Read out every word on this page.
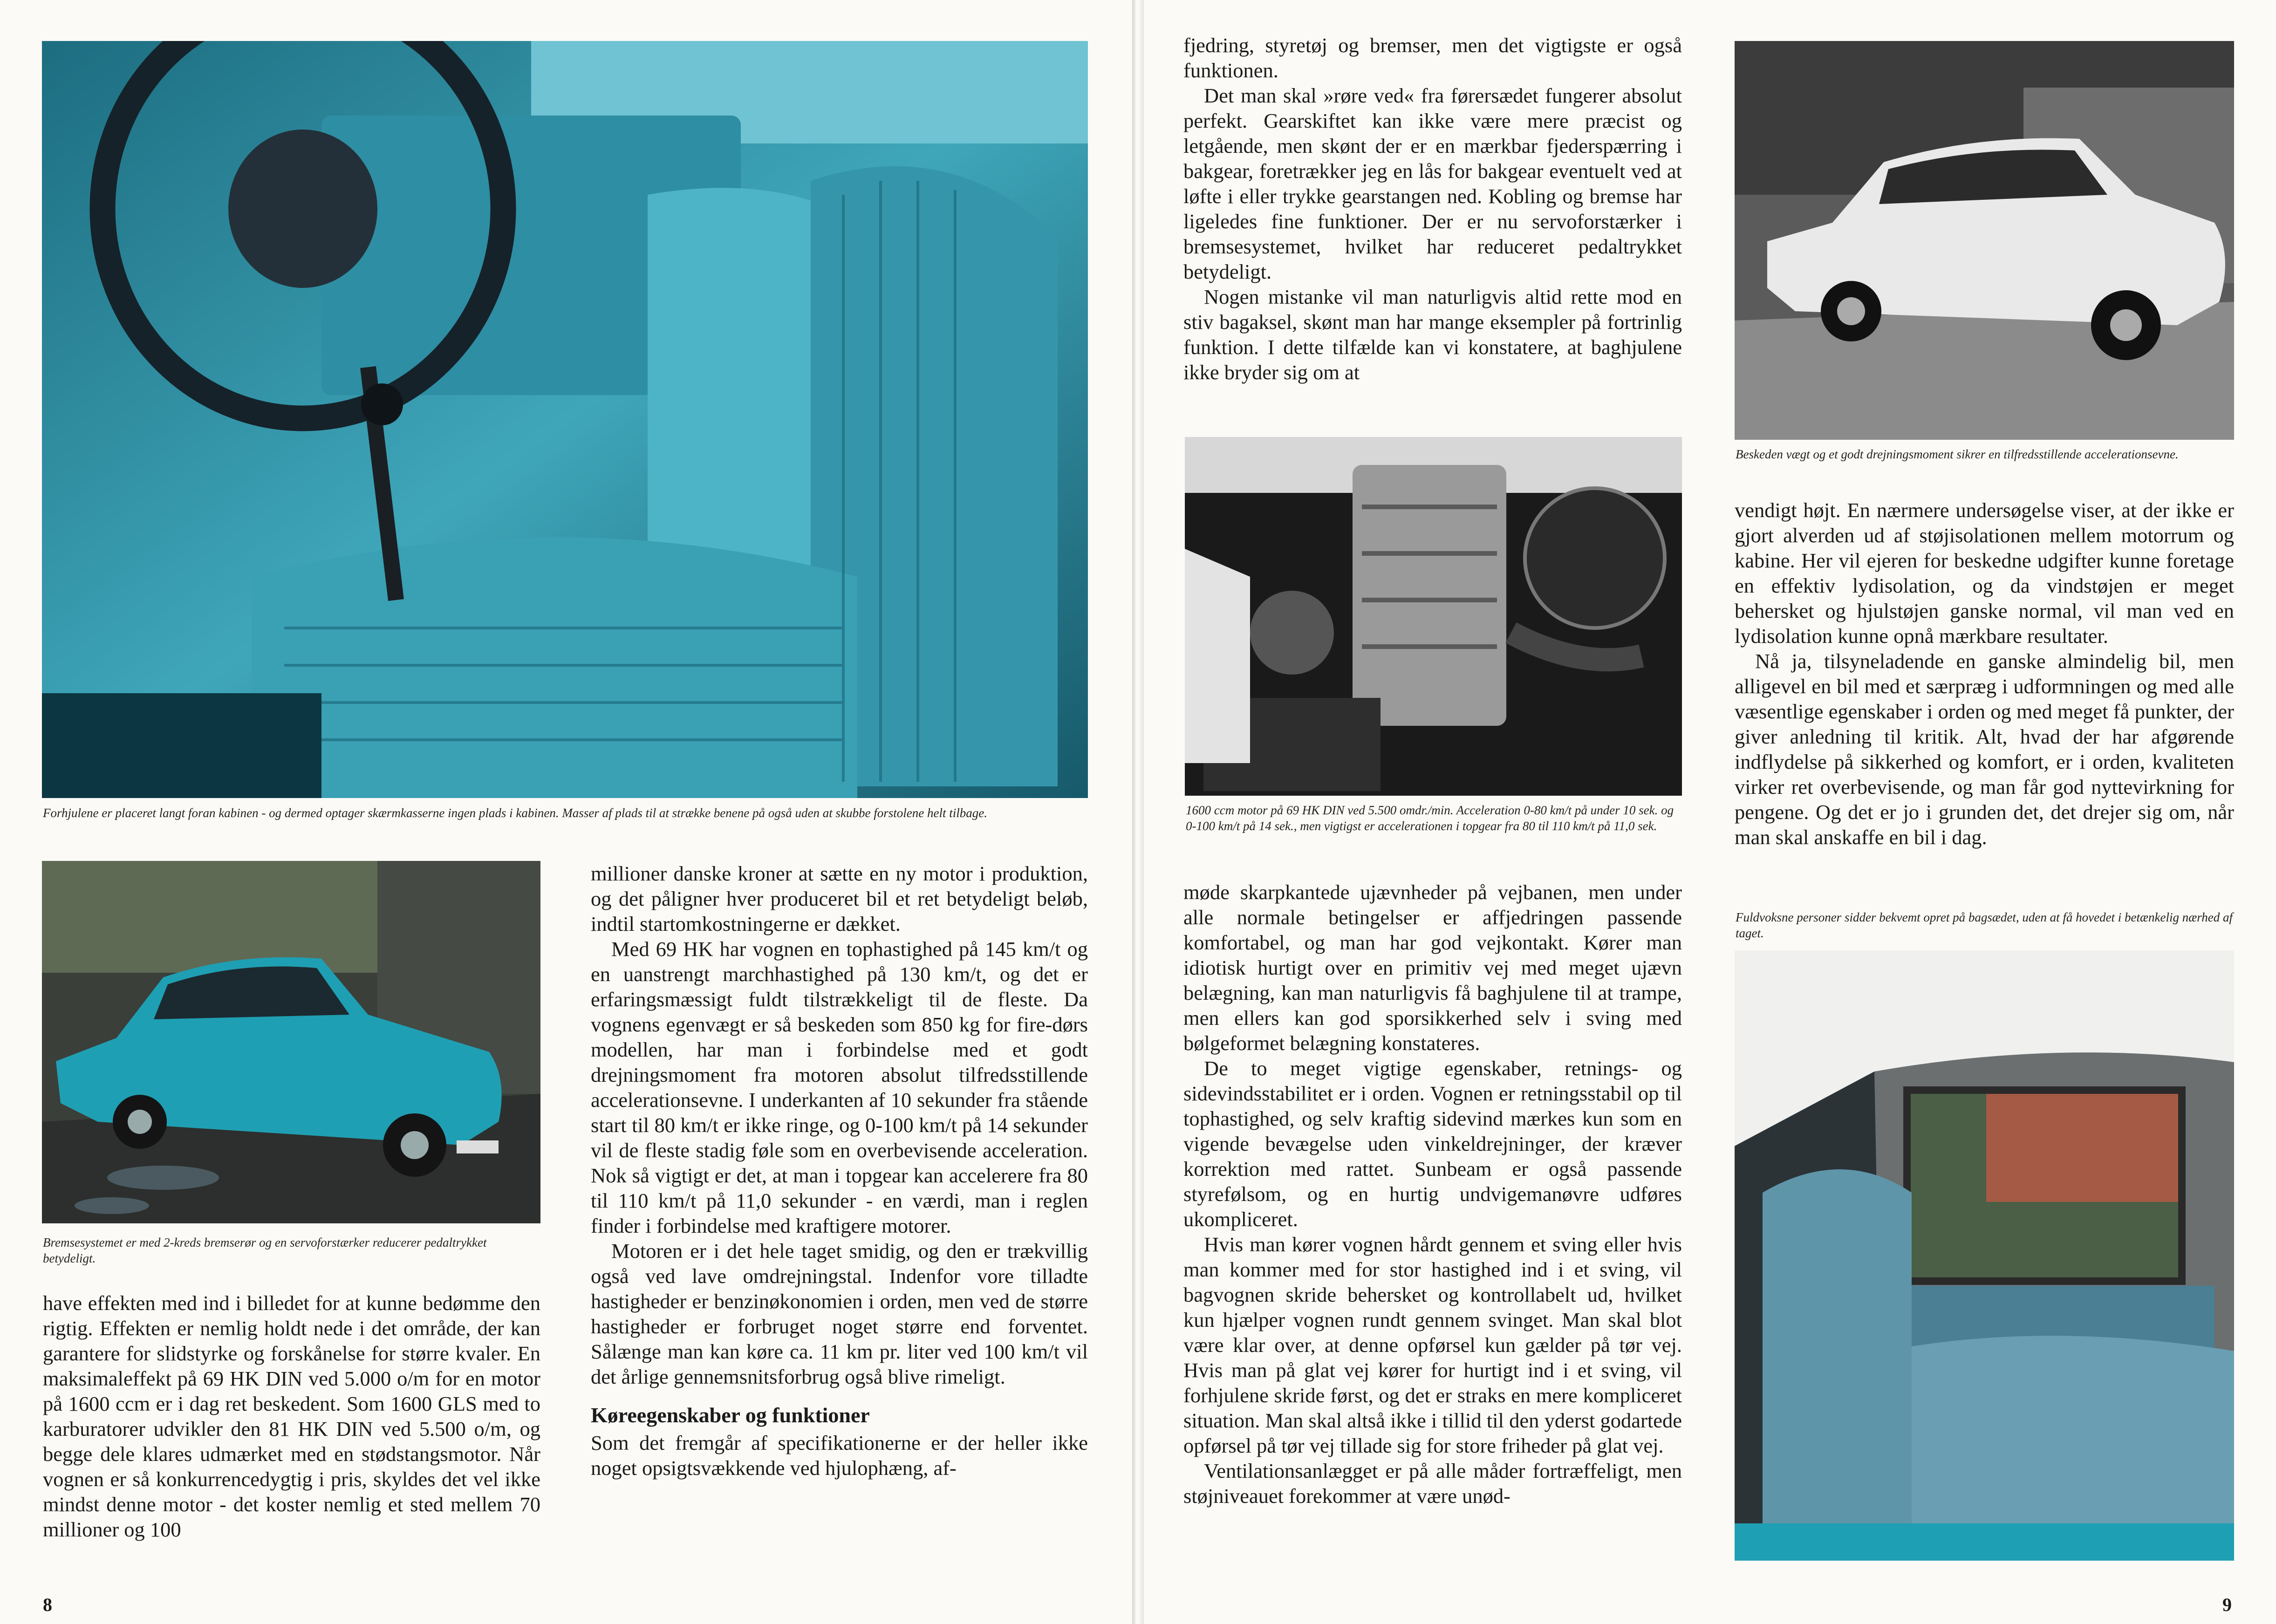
Forhjulene er placeret langt foran kabinen - og dermed optager skærmkasserne ingen plads i kabinen. Masser af plads til at strække benene på også uden at skubbe forstolene helt tilbage.
Bremsesystemet er med 2-kreds bremserør og en servoforstærker reducerer pedaltrykket betydeligt.

have effekten med ind i billedet for at kunne bedømme den rigtig. Effekten er nemlig holdt nede i det område, der kan garantere for slidstyrke og forskånelse for større kvaler. En maksimaleffekt på 69 HK DIN ved 5.000 o/m for en motor på 1600 ccm er i dag ret beskedent. Som 1600 GLS med to karburatorer udvikler den 81 HK DIN ved 5.500 o/m, og begge dele klares udmærket med en stødstangsmotor. Når vognen er så konkurrencedygtig i pris, skyldes det vel ikke mindst denne motor - det koster nemlig et sted mellem 70 millioner og 100

millioner danske kroner at sætte en ny motor i produktion, og det påligner hver produceret bil et ret betydeligt beløb, indtil startomkostningerne er dækket.

Med 69 HK har vognen en tophastighed på 145 km/t og en uanstrengt marchhastighed på 130 km/t, og det er erfaringsmæssigt fuldt tilstrækkeligt til de fleste. Da vognens egenvægt er så beskeden som 850 kg for fire-dørs modellen, har man i forbindelse med et godt drejningsmoment fra motoren absolut tilfredsstillende accelerationsevne. I underkanten af 10 sekunder fra stående start til 80 km/t er ikke ringe, og 0-100 km/t på 14 sekunder vil de fleste stadig føle som en overbevisende acceleration. Nok så vigtigt er det, at man i topgear kan accelerere fra 80 til 110 km/t på 11,0 sekunder - en værdi, man i reglen finder i forbindelse med kraftigere motorer.

Motoren er i det hele taget smidig, og den er trækvillig også ved lave omdrejningstal. Indenfor vore tilladte hastigheder er benzinøkonomien i orden, men ved de større hastigheder er forbruget noget større end forventet. Sålænge man kan køre ca. 11 km pr. liter ved 100 km/t vil det årlige gennemsnitsforbrug også blive rimeligt.

Køreegenskaber og funktioner

Som det fremgår af specifikationerne er der heller ikke noget opsigtsvækkende ved hjulophæng, af-

8

fjedring, styretøj og bremser, men det vigtigste er også funktionen.

Det man skal »røre ved« fra førersædet fungerer absolut perfekt. Gearskiftet kan ikke være mere præcist og letgående, men skønt der er en mærkbar fjederspærring i bakgear, foretrækker jeg en lås for bakgear eventuelt ved at løfte i eller trykke gearstangen ned. Kobling og bremse har ligeledes fine funktioner. Der er nu servoforstærker i bremsesystemet, hvilket har reduceret pedaltrykket betydeligt.

Nogen mistanke vil man naturligvis altid rette mod en stiv bagaksel, skønt man har mange eksempler på fortrinlig funktion. I dette tilfælde kan vi konstatere, at baghjulene ikke bryder sig om at

1600 ccm motor på 69 HK DIN ved 5.500 omdr./min. Acceleration 0-80 km/t på under 10 sek. og 0-100 km/t på 14 sek., men vigtigst er accelerationen i topgear fra 80 til 110 km/t på 11,0 sek.

møde skarpkantede ujævnheder på vejbanen, men under alle normale betingelser er affjedringen passende komfortabel, og man har god vejkontakt. Kører man idiotisk hurtigt over en primitiv vej med meget ujævn belægning, kan man naturligvis få baghjulene til at trampe, men ellers kan god sporsikkerhed selv i sving med bølgeformet belægning konstateres.

De to meget vigtige egenskaber, retnings- og sidevindsstabilitet er i orden. Vognen er retningsstabil op til tophastighed, og selv kraftig sidevind mærkes kun som en vigende bevægelse uden vinkeldrejninger, der kræver korrektion med rattet. Sunbeam er også passende styrefølsom, og en hurtig undvigemanøvre udføres ukompliceret.

Hvis man kører vognen hårdt gennem et sving eller hvis man kommer med for stor hastighed ind i et sving, vil bagvognen skride behersket og kontrollabelt ud, hvilket kun hjælper vognen rundt gennem svinget. Man skal blot være klar over, at denne opførsel kun gælder på tør vej. Hvis man på glat vej kører for hurtigt ind i et sving, vil forhjulene skride først, og det er straks en mere kompliceret situation. Man skal altså ikke i tillid til den yderst godartede opførsel på tør vej tillade sig for store friheder på glat vej.

Ventilationsanlægget er på alle måder fortræffeligt, men støjniveauet forekommer at være unød-

Beskeden vægt og et godt drejningsmoment sikrer en tilfredsstillende accelerationsevne.

vendigt højt. En nærmere undersøgelse viser, at der ikke er gjort alverden ud af støjisolationen mellem motorrum og kabine. Her vil ejeren for beskedne udgifter kunne foretage en effektiv lydisolation, og da vindstøjen er meget behersket og hjulstøjen ganske normal, vil man ved en lydisolation kunne opnå mærkbare resultater.

Nå ja, tilsyneladende en ganske almindelig bil, men alligevel en bil med et særpræg i udformningen og med alle væsentlige egenskaber i orden og med meget få punkter, der giver anledning til kritik. Alt, hvad der har afgørende indflydelse på sikkerhed og komfort, er i orden, kvaliteten virker ret overbevisende, og man får god nyttevirkning for pengene. Og det er jo i grunden det, det drejer sig om, når man skal anskaffe en bil i dag.

Fuldvoksne personer sidder bekvemt opret på bagsædet, uden at få hovedet i betænkelig nærhed af taget.
9
